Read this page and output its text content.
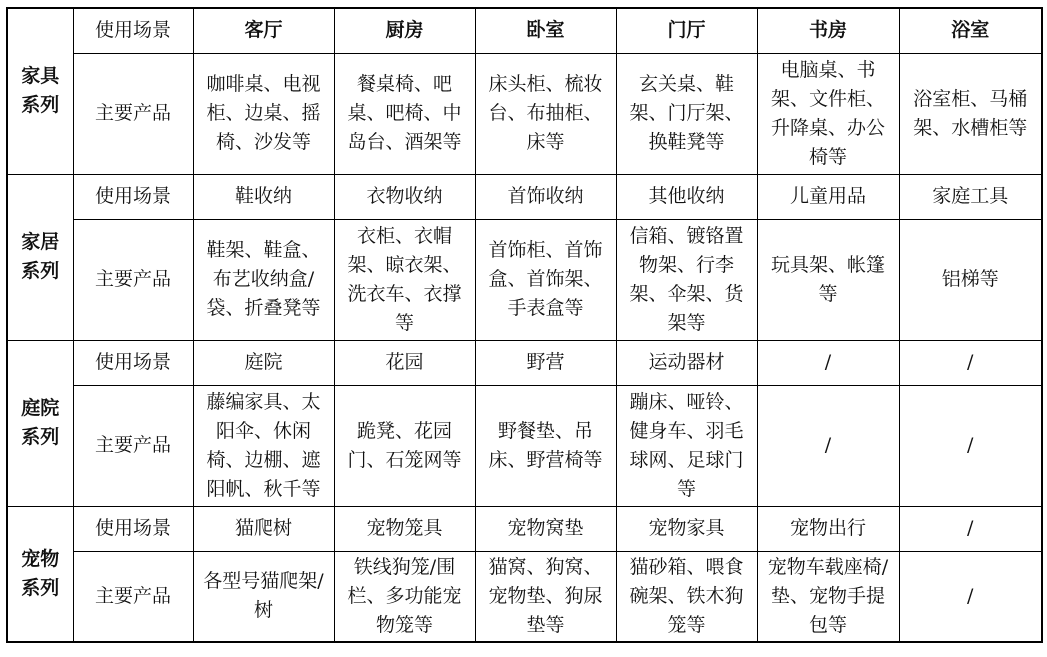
家具系列	使用场景	客厅	厨房	卧室	门厅	书房	浴室
	主要产品	咖啡桌、电视柜、边桌、摇椅、沙发等	餐桌椅、吧桌、吧椅、中岛台、酒架等	床头柜、梳妆台、布抽柜、床等	玄关桌、鞋架、门厅架、换鞋凳等	电脑桌、书架、文件柜、升降桌、办公椅等	浴室柜、马桶架、水槽柜等
家居系列	使用场景	鞋收纳	衣物收纳	首饰收纳	其他收纳	儿童用品	家庭工具
	主要产品	鞋架、鞋盒、布艺收纳盒/袋、折叠凳等	衣柜、衣帽架、晾衣架、洗衣车、衣撑等	首饰柜、首饰盒、首饰架、手表盒等	信箱、镀铬置物架、行李架、伞架、货架等	玩具架、帐篷等	铝梯等
庭院系列	使用场景	庭院	花园	野营	运动器材	/	/
	主要产品	藤编家具、太阳伞、休闲椅、边棚、遮阳帆、秋千等	跪凳、花园门、石笼网等	野餐垫、吊床、野营椅等	蹦床、哑铃、健身车、羽毛球网、足球门等	/	/
宠物系列	使用场景	猫爬树	宠物笼具	宠物窝垫	宠物家具	宠物出行	/
	主要产品	各型号猫爬架/树	铁线狗笼/围栏、多功能宠物笼等	猫窝、狗窝、宠物垫、狗尿垫等	猫砂箱、喂食碗架、铁木狗笼等	宠物车载座椅/垫、宠物手提包等	/
